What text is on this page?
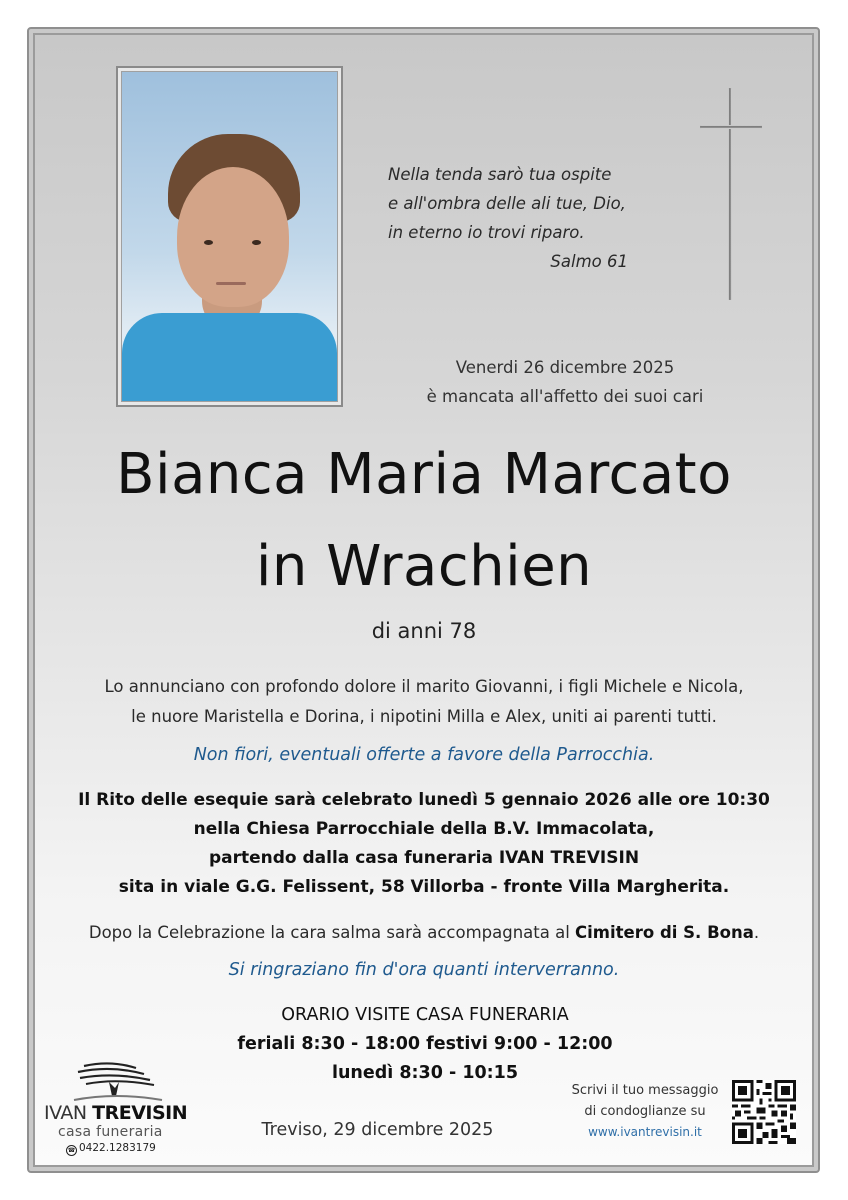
Nella tenda sarò tua ospite
e all'ombra delle ali tue, Dio,
in eterno io trovi riparo.
Salmo 61
Venerdi 26 dicembre 2025
è mancata all'affetto dei suoi cari
Bianca Maria Marcato
in Wrachien
di anni 78
Lo annunciano con profondo dolore il marito Giovanni, i figli Michele e Nicola,
le nuore Maristella e Dorina, i nipotini Milla e Alex, uniti ai parenti tutti.
Non fiori, eventuali offerte a favore della Parrocchia.
Il Rito delle esequie sarà celebrato lunedì 5 gennaio 2026 alle ore 10:30
nella Chiesa Parrocchiale della B.V. Immacolata,
partendo dalla casa funeraria IVAN TREVISIN
sita in viale G.G. Felissent, 58 Villorba - fronte Villa Margherita.
Dopo la Celebrazione la cara salma sarà accompagnata al Cimitero di S. Bona.
Si ringraziano fin d'ora quanti interverranno.
ORARIO VISITE CASA FUNERARIA
feriali 8:30 - 18:00 festivi 9:00 - 12:00
lunedì 8:30 - 10:15
IVAN TREVISIN
casa funeraria
☎ 0422.1283179
Treviso, 29 dicembre 2025
Scrivi il tuo messaggio
di condoglianze su
www.ivantrevisin.it
